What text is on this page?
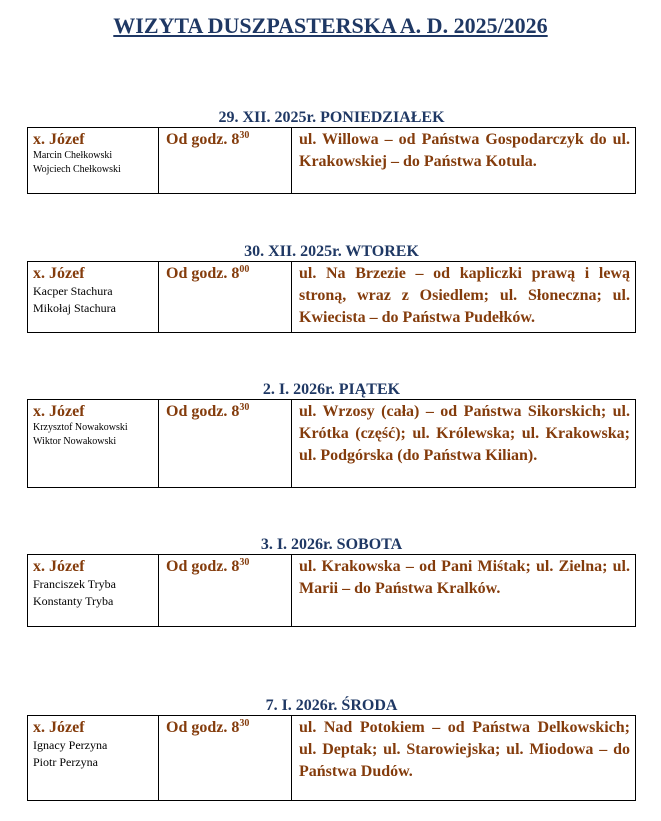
WIZYTA DUSZPASTERSKA A. D. 2025/2026
29. XII. 2025r. PONIEDZIAŁEK
x. Józef
Marcin Chełkowski
Wojciech Chełkowski
	Od godz. $8^{30}$	ul. Willowa – od Państwa Gospodarczyk do ul. Krakowskiej – do Państwa Kotula.
30. XII. 2025r. WTOREK
x. Józef
Kacper Stachura
Mikołaj Stachura
	Od godz. $8^{00}$	ul. Na Brzezie – od kapliczki prawą i lewą stroną, wraz z Osiedlem; ul. Słoneczna; ul. Kwiecista – do Państwa Pudełków.
2. I. 2026r. PIĄTEK
x. Józef
Krzysztof Nowakowski
Wiktor Nowakowski
	Od godz. $8^{30}$	ul. Wrzosy (cała) – od Państwa Sikorskich; ul. Krótka (część); ul. Królewska; ul. Krakowska; ul. Podgórska (do Państwa Kilian).
3. I. 2026r. SOBOTA
x. Józef
Franciszek Tryba
Konstanty Tryba
	Od godz. $8^{30}$	ul. Krakowska – od Pani Miśtak; ul. Zielna; ul. Marii – do Państwa Kralków.
7. I. 2026r. ŚRODA
x. Józef
Ignacy Perzyna
Piotr Perzyna
	Od godz. $8^{30}$	ul. Nad Potokiem – od Państwa Delkowskich; ul. Deptak; ul. Starowiejska; ul. Miodowa – do Państwa Dudów.
